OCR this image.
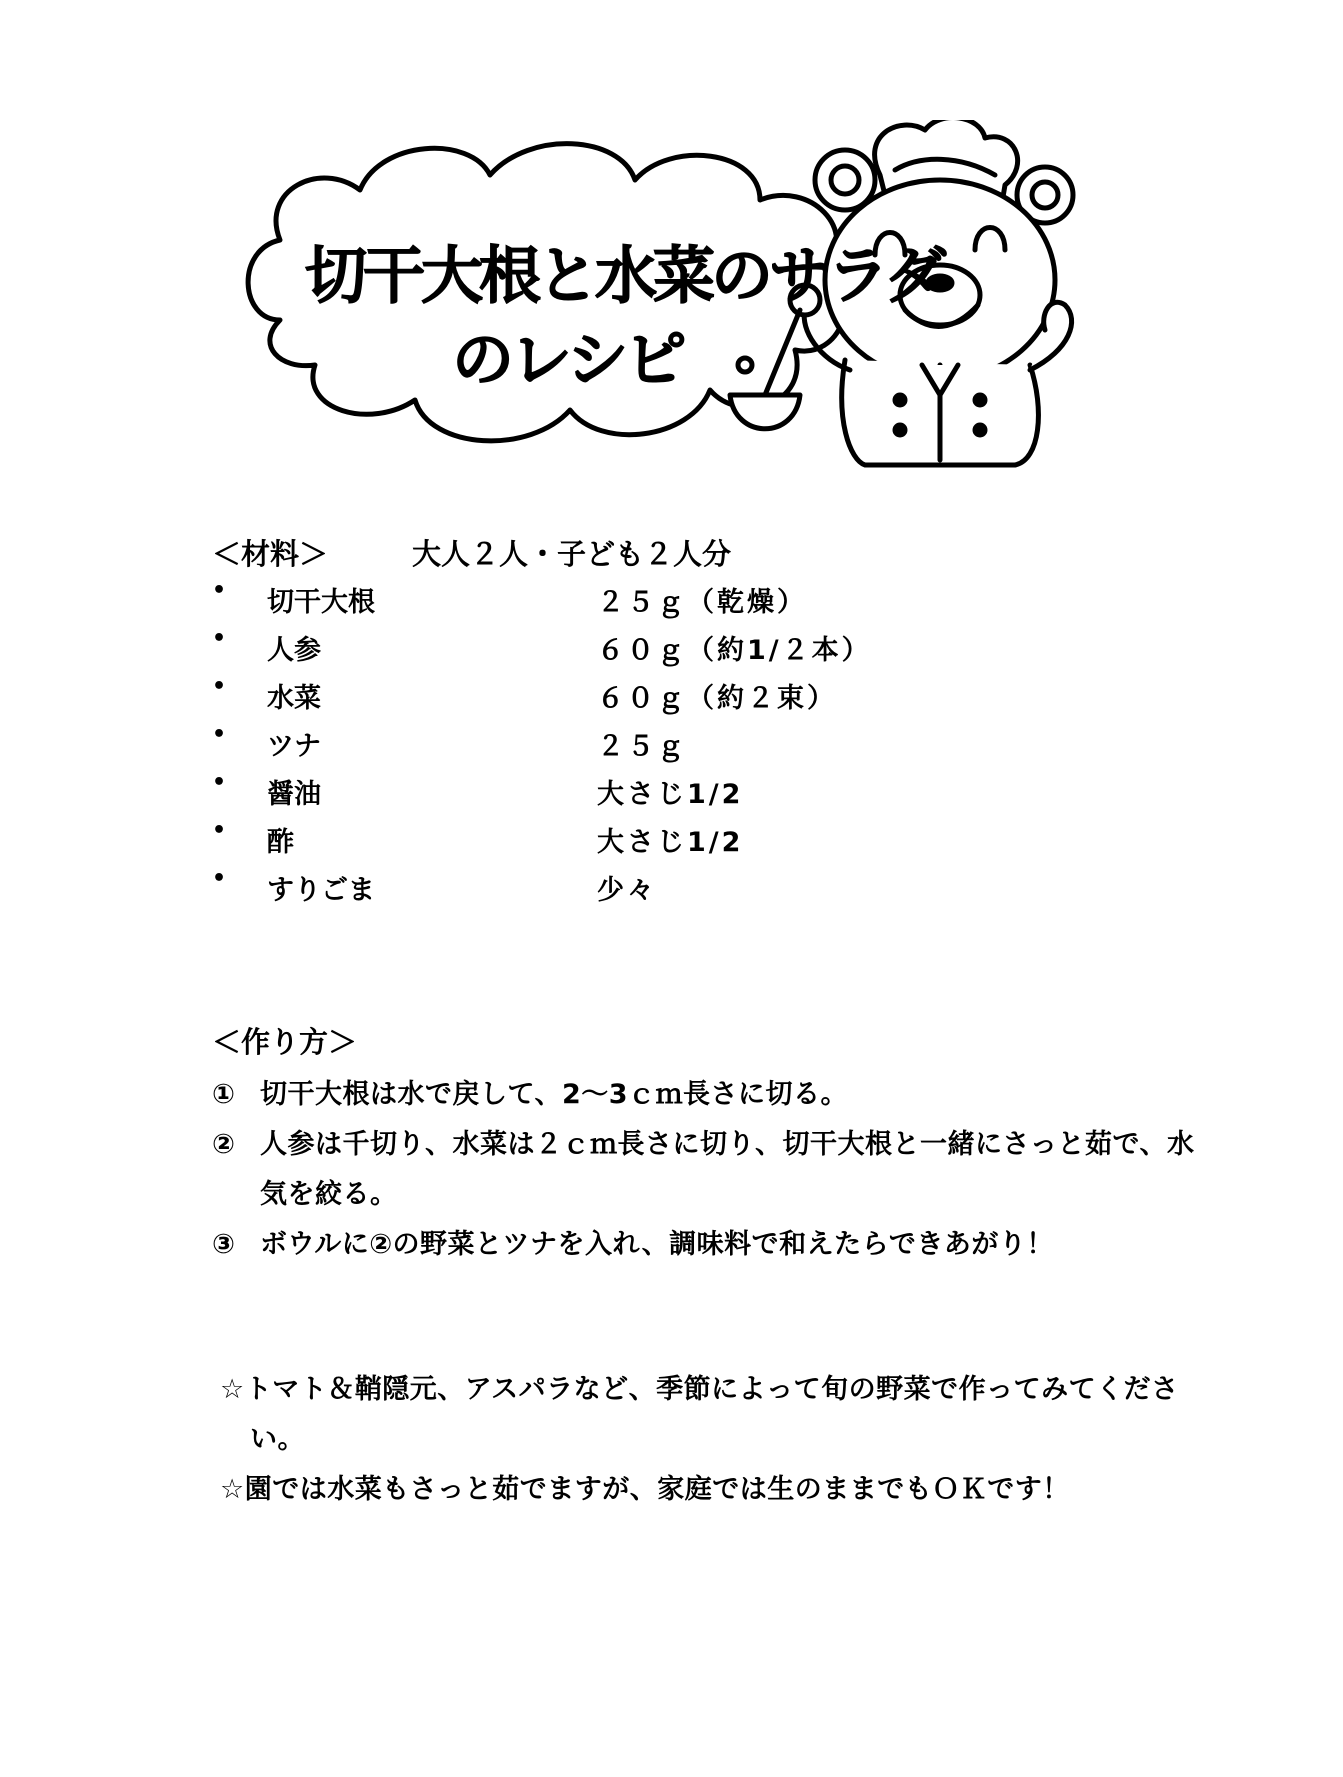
切干大根と水菜のサラダ
のレシピ
＜材料＞	大人２人・子ども２人分
• 切干大根	２５ｇ（乾燥）
• 人参	６０ｇ（約1/２本）
• 水菜	６０ｇ（約２束）
• ツナ	２５ｇ
• 醤油	大さじ1/2
• 酢	大さじ1/2
• すりごま	少々
＜作り方＞
① 切干大根は水で戻して、2～3ｃｍ長さに切る。
② 人参は千切り、水菜は２ｃｍ長さに切り、切干大根と一緒にさっと茹で、水気を絞る。
③ ボウルに②の野菜とツナを入れ、調味料で和えたらできあがり！
☆トマト＆鞘隠元、アスパラなど、季節によって旬の野菜で作ってみてください。
☆園では水菜もさっと茹でますが、家庭では生のままでもＯＫです！
